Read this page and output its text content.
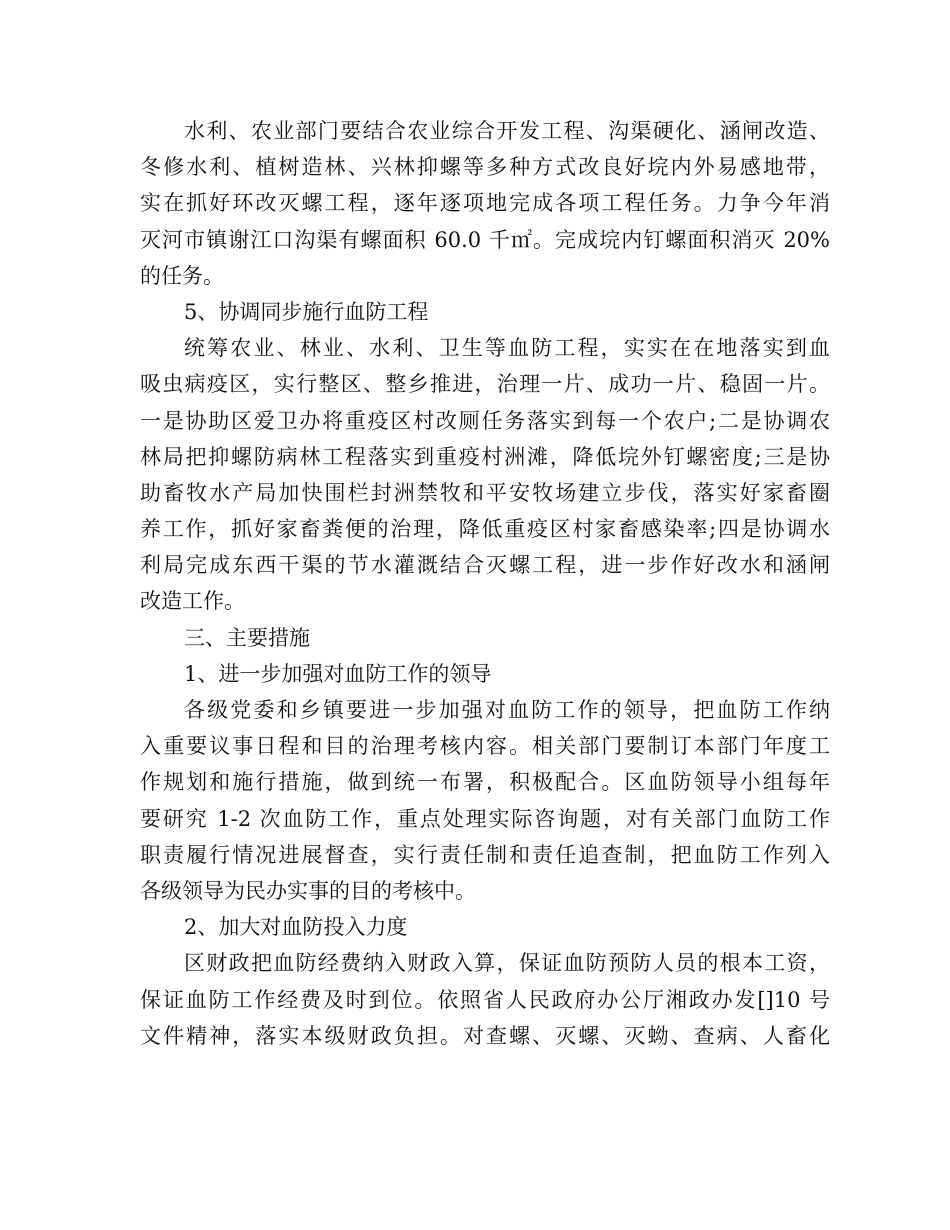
水利、农业部门要结合农业综合开发工程、沟渠硬化、涵闸改造、
冬修水利、植树造林、兴林抑螺等多种方式改良好垸内外易感地带，
实在抓好环改灭螺工程，逐年逐项地完成各项工程任务。力争今年消
灭河市镇谢江口沟渠有螺面积 60.0 千㎡。完成垸内钉螺面积消灭 20%
的任务。
5、协调同步施行血防工程
统筹农业、林业、水利、卫生等血防工程，实实在在地落实到血
吸虫病疫区，实行整区、整乡推进，治理一片、成功一片、稳固一片。
一是协助区爱卫办将重疫区村改厕任务落实到每一个农户;二是协调农
林局把抑螺防病林工程落实到重疫村洲滩，降低垸外钉螺密度;三是协
助畜牧水产局加快围栏封洲禁牧和平安牧场建立步伐，落实好家畜圈
养工作，抓好家畜粪便的治理，降低重疫区村家畜感染率;四是协调水
利局完成东西干渠的节水灌溉结合灭螺工程，进一步作好改水和涵闸
改造工作。
三、主要措施
1、进一步加强对血防工作的领导
各级党委和乡镇要进一步加强对血防工作的领导，把血防工作纳
入重要议事日程和目的治理考核内容。相关部门要制订本部门年度工
作规划和施行措施，做到统一布署，积极配合。区血防领导小组每年
要研究 1-2 次血防工作，重点处理实际咨询题，对有关部门血防工作
职责履行情况进展督查，实行责任制和责任追查制，把血防工作列入
各级领导为民办实事的目的考核中。
2、加大对血防投入力度
区财政把血防经费纳入财政入算，保证血防预防人员的根本工资，
保证血防工作经费及时到位。依照省人民政府办公厅湘政办发[]10 号
文件精神，落实本级财政负担。对查螺、灭螺、灭蚴、查病、人畜化
